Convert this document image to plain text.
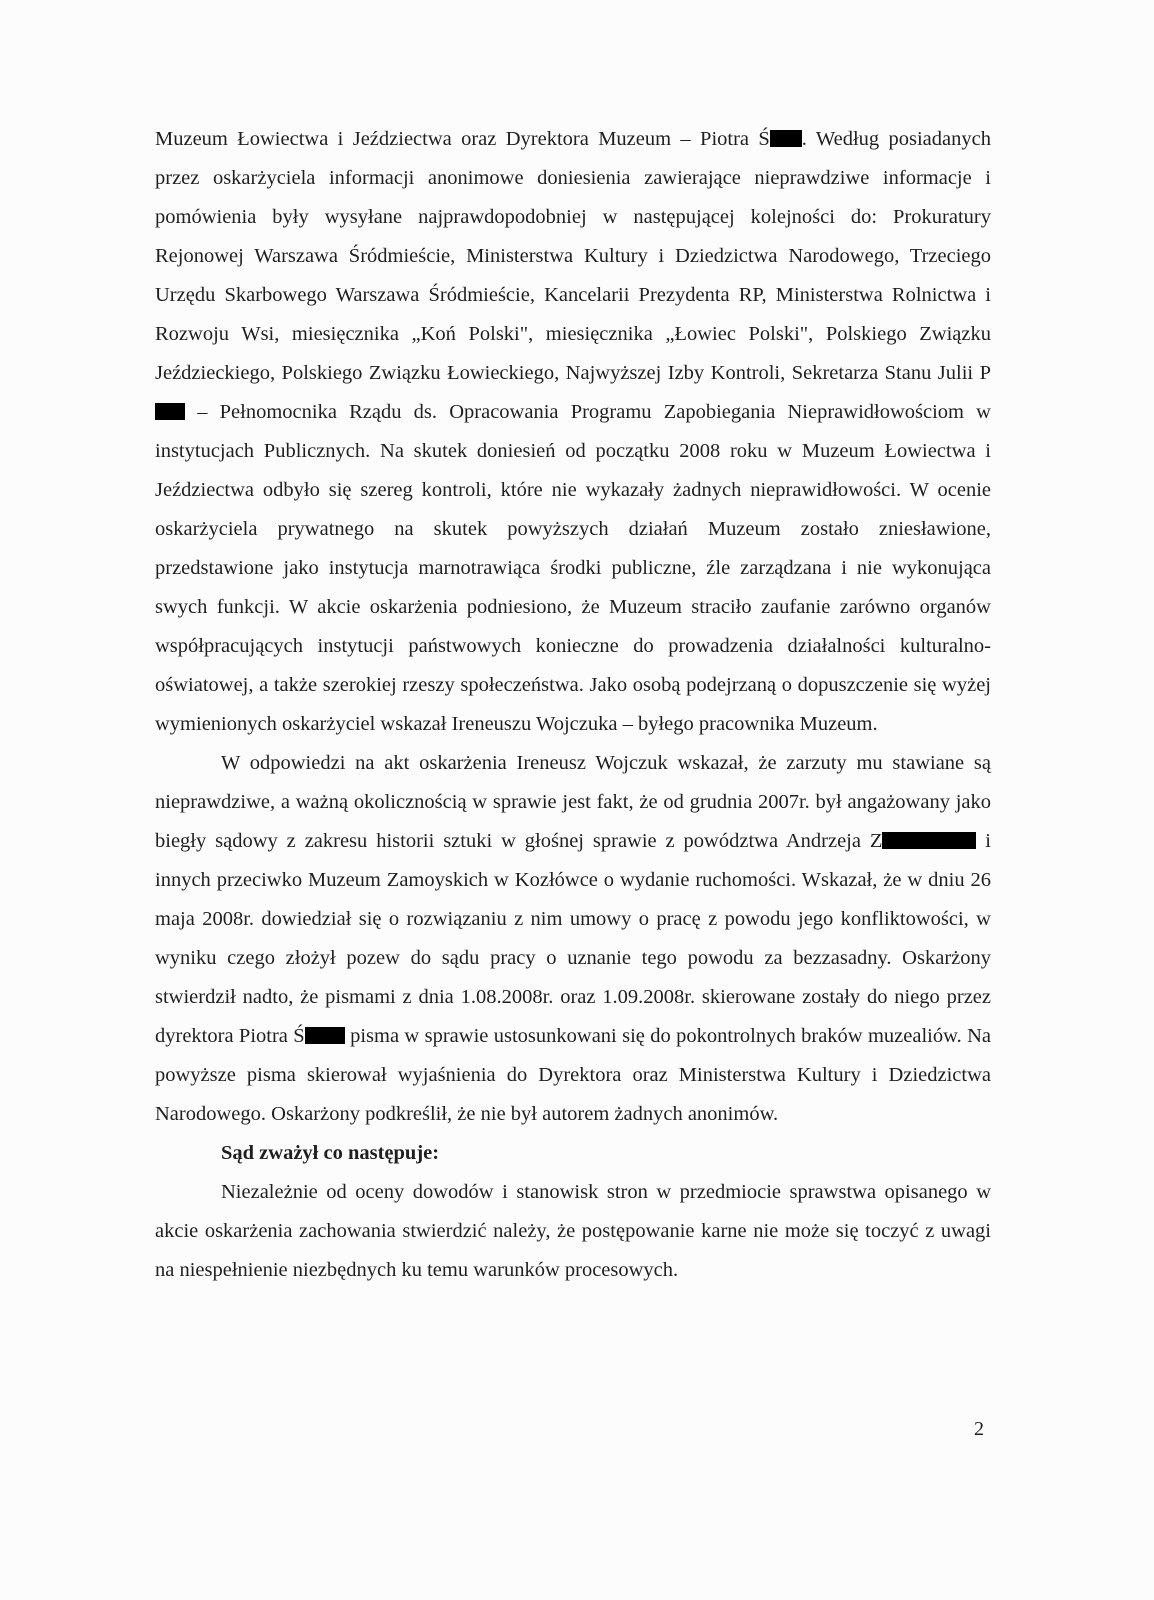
Muzeum Łowiectwa i Jeździectwa oraz Dyrektora Muzeum – Piotra Ś . Według posiadanych przez oskarżyciela informacji anonimowe doniesienia zawierające nieprawdziwe informacje i pomówienia były wysyłane najprawdopodobniej w następującej kolejności do: Prokuratury Rejonowej Warszawa Śródmieście, Ministerstwa Kultury i Dziedzictwa Narodowego, Trzeciego Urzędu Skarbowego Warszawa Śródmieście, Kancelarii Prezydenta RP, Ministerstwa Rolnictwa i Rozwoju Wsi, miesięcznika „Koń Polski", miesięcznika „Łowiec Polski", Polskiego Związku Jeździeckiego, Polskiego Związku Łowieckiego, Najwyższej Izby Kontroli, Sekretarza Stanu Julii P – Pełnomocnika Rządu ds. Opracowania Programu Zapobiegania Nieprawidłowościom w instytucjach Publicznych. Na skutek doniesień od początku 2008 roku w Muzeum Łowiectwa i Jeździectwa odbyło się szereg kontroli, które nie wykazały żadnych nieprawidłowości. W ocenie oskarżyciela prywatnego na skutek powyższych działań Muzeum zostało zniesławione, przedstawione jako instytucja marnotrawiąca środki publiczne, źle zarządzana i nie wykonująca swych funkcji. W akcie oskarżenia podniesiono, że Muzeum straciło zaufanie zarówno organów współpracujących instytucji państwowych konieczne do prowadzenia działalności kulturalno-oświatowej, a także szerokiej rzeszy społeczeństwa. Jako osobą podejrzaną o dopuszczenie się wyżej wymienionych oskarżyciel wskazał Ireneuszu Wojczuka – byłego pracownika Muzeum.

W odpowiedzi na akt oskarżenia Ireneusz Wojczuk wskazał, że zarzuty mu stawiane są nieprawdziwe, a ważną okolicznością w sprawie jest fakt, że od grudnia 2007r. był angażowany jako biegły sądowy z zakresu historii sztuki w głośnej sprawie z powództwa Andrzeja Z	i innych przeciwko Muzeum Zamoyskich w Kozłówce o wydanie ruchomości. Wskazał, że w dniu 26 maja 2008r. dowiedział się o rozwiązaniu z nim umowy o pracę z powodu jego konfliktowości, w wyniku czego złożył pozew do sądu pracy o uznanie tego powodu za bezzasadny. Oskarżony stwierdził nadto, że pismami z dnia 1.08.2008r. oraz 1.09.2008r. skierowane zostały do niego przez dyrektora Piotra Ś pisma w sprawie ustosunkowani się do pokontrolnych braków muzealiów. Na powyższe pisma skierował wyjaśnienia do Dyrektora oraz Ministerstwa Kultury i Dziedzictwa Narodowego. Oskarżony podkreślił, że nie był autorem żadnych anonimów.

Sąd zważył co następuje:

Niezależnie od oceny dowodów i stanowisk stron w przedmiocie sprawstwa opisanego w akcie oskarżenia zachowania stwierdzić należy, że postępowanie karne nie może się toczyć z uwagi na niespełnienie niezbędnych ku temu warunków procesowych.

2
